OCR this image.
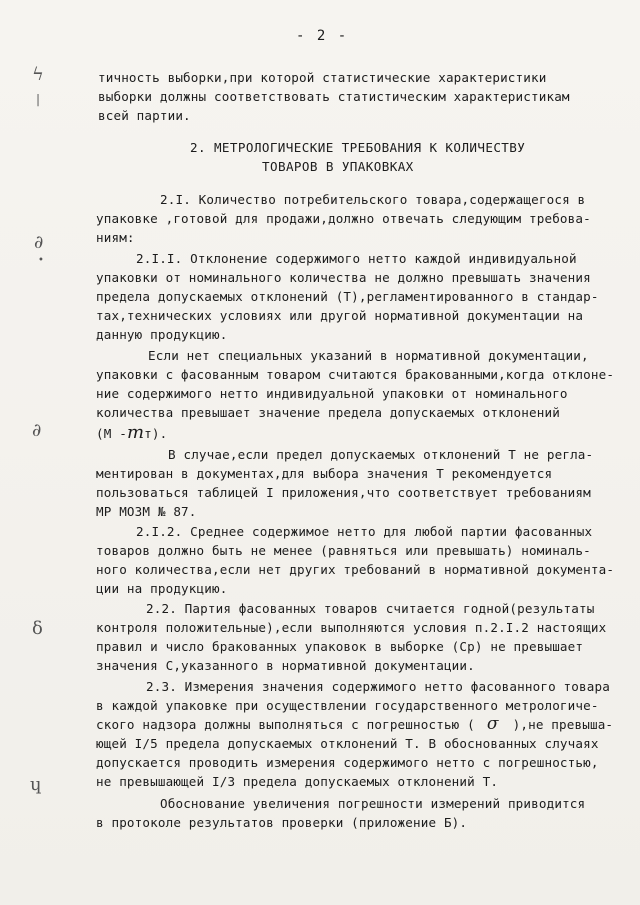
- 2 -
ϟ
|
∂
•
∂
δ
ɥ
тичность выборки,при которой статистические характеристики
выборки должны соответствовать статистическим характеристикам
всей партии.
2. МЕТРОЛОГИЧЕСКИЕ ТРЕБОВАНИЯ К КОЛИЧЕСТВУ
ТОВАРОВ В УПАКОВКАХ
2.I. Количество потребительского товара,содержащегося в
упаковке ,готовой для продажи,должно отвечать следующим требова-
ниям:
2.I.I. Отклонение содержимого нетто каждой индивидуальной
упаковки от номинального количества не должно превышать значения
предела допускаемых отклонений (Т),регламентированного в стандар-
тах,технических условиях или другой нормативной документации на
данную продукцию.
Если нет специальных указаний в нормативной документации,
упаковки с фасованным товаром считаются бракованными,когда отклоне-
ние содержимого нетто индивидуальной упаковки от номинального
количества превышает значение предела допускаемых отклонений
(М -тт).
В случае,если предел допускаемых отклонений Т не регла-
ментирован в документах,для выбора значения Т рекомендуется
пользоваться таблицей I приложения,что соответствует требованиям
МР МОЗМ № 87.
2.I.2. Среднее содержимое нетто для любой партии фасованных
товаров должно быть не менее (равняться или превышать) номиналь-
ного количества,если нет других требований в нормативной документа-
ции на продукцию.
2.2. Партия фасованных товаров считается годной(результаты
контроля положительные),если выполняются условия п.2.I.2 настоящих
правил и число бракованных упаковок в выборке (Ср) не превышает
значения С,указанного в нормативной документации.
2.3. Измерения значения содержимого нетто фасованного товара
в каждой упаковке при осуществлении государственного метрологиче-
ского надзора должны выполняться с погрешностью ( σ ),не превыша-
ющей I/5 предела допускаемых отклонений Т. В обоснованных случаях
допускается проводить измерения содержимого нетто с погрешностью,
не превышающей I/3 предела допускаемых отклонений Т.
Обоснование увеличения погрешности измерений приводится
в протоколе результатов проверки (приложение Б).
